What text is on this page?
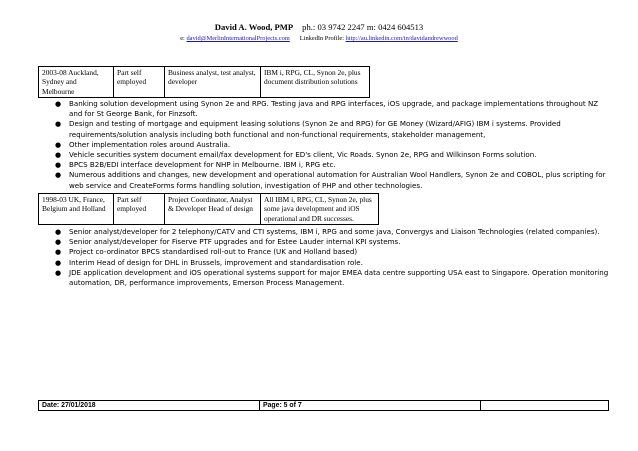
David A. Wood, PMP ph.: 03 9742 2247 m: 0424 604513
e: david@MerlinInternationalProjects.com LinkedIn Profile: http://au.linkedin.com/in/davidandrewwood
2003-08 Auckland, Sydney and Melbourne	Part self employed	Business analyst, test analyst, developer	IBM i, RPG, CL, Synon 2e, plus document distribution solutions
● Banking solution development using Synon 2e and RPG. Testing java and RPG interfaces, iOS upgrade, and package implementations throughout NZ and for St George Bank, for Finzsoft.
● Design and testing of mortgage and equipment leasing solutions (Synon 2e and RPG) for GE Money (Wizard/AFIG) IBM i systems. Provided requirements/solution analysis including both functional and non-functional requirements, stakeholder management,
● Other implementation roles around Australia.
● Vehicle securities system document email/fax development for ED's client, Vic Roads. Synon 2e, RPG and Wilkinson Forms solution.
● BPCS B2B/EDI interface development for NHP in Melbourne. IBM i, RPG etc.
● Numerous additions and changes, new development and operational automation for Australian Wool Handlers, Synon 2e and COBOL, plus scripting for web service and CreateForms forms handling solution, investigation of PHP and other technologies.
1998-03 UK, France, Belgium and Holland	Part self employed	Project Coordinator, Analyst & Developer Head of design	All IBM i, RPG, CL, Synon 2e, plus some java development and iOS operational and DR successes.
● Senior analyst/developer for 2 telephony/CATV and CTI systems, IBM i, RPG and some java, Convergys and Liaison Technologies (related companies).
● Senior analyst/developer for Fiserve PTF upgrades and for Estee Lauder internal KPI systems.
● Project co-ordinator BPCS standardised roll-out to France (UK and Holland based)
● Interim Head of design for DHL in Brussels, improvement and standardisation role.
● JDE application development and iOS operational systems support for major EMEA data centre supporting USA east to Singapore. Operation monitoring automation, DR, performance improvements, Emerson Process Management.
Date: 27/01/2018	Page: 5 of 7
